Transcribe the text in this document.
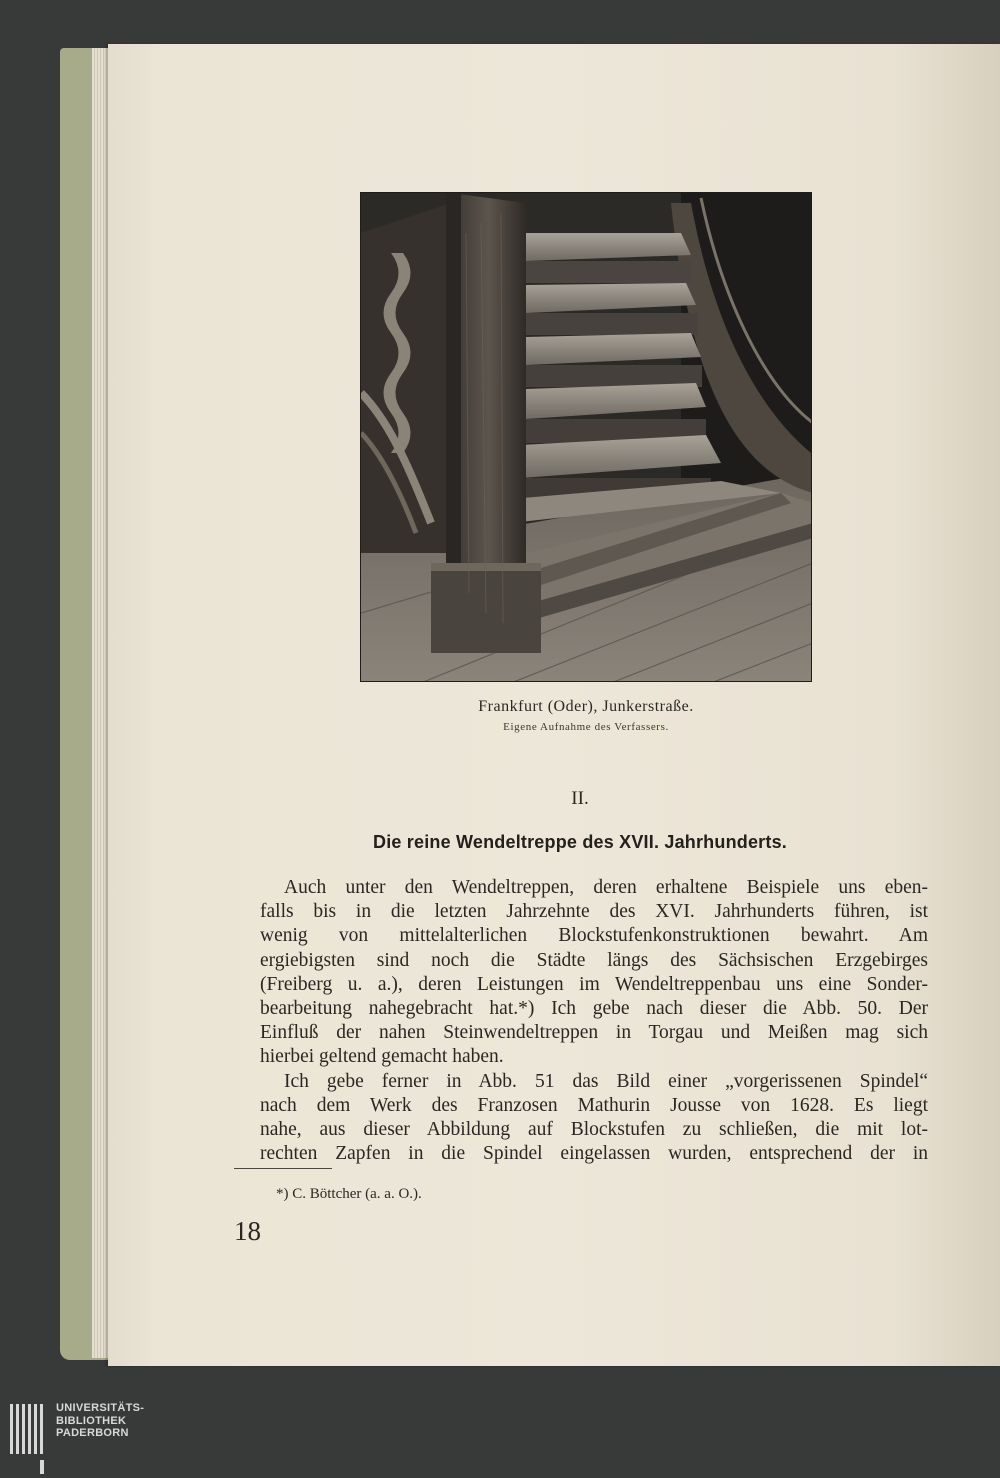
Frankfurt (Oder), Junkerstraße.
Eigene Aufnahme des Verfassers.
II.
Die reine Wendeltreppe des XVII. Jahrhunderts.
Auch unter den Wendeltreppen, deren erhaltene Beispiele uns eben-
falls bis in die letzten Jahrzehnte des XVI. Jahrhunderts führen, ist
wenig von mittelalterlichen Blockstufenkonstruktionen bewahrt. Am
ergiebigsten sind noch die Städte längs des Sächsischen Erzgebirges
(Freiberg u. a.), deren Leistungen im Wendeltreppenbau uns eine Sonder-
bearbeitung nahegebracht hat.*) Ich gebe nach dieser die Abb. 50. Der
Einfluß der nahen Steinwendeltreppen in Torgau und Meißen mag sich
hierbei geltend gemacht haben.
Ich gebe ferner in Abb. 51 das Bild einer „vorgerissenen Spindel“
nach dem Werk des Franzosen Mathurin Jousse von 1628. Es liegt
nahe, aus dieser Abbildung auf Blockstufen zu schließen, die mit lot-
rechten Zapfen in die Spindel eingelassen wurden, entsprechend der in
*) C. Böttcher (a. a. O.).
18
UNIVERSITÄTS-
BIBLIOTHEK
PADERBORN
